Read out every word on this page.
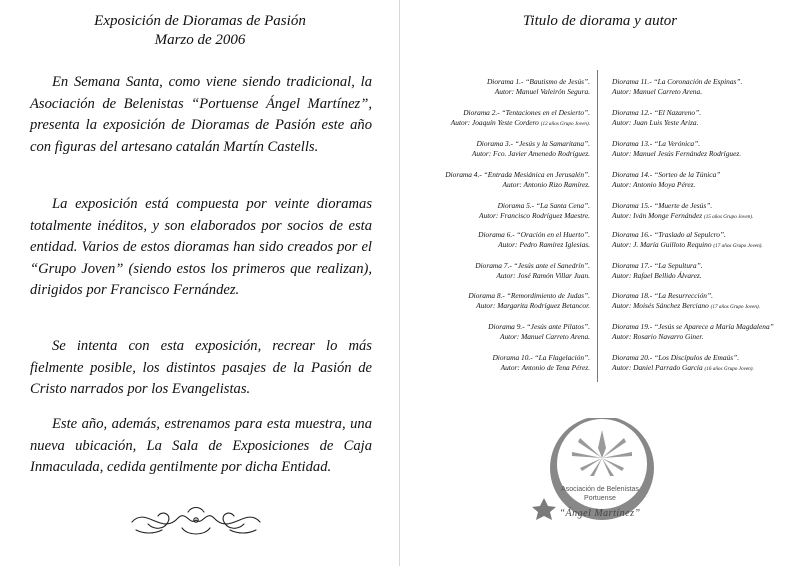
Exposición de Dioramas de Pasión
Marzo de 2006

En Semana Santa, como viene siendo tradicional, la Asociación de Belenistas “Portuense Ángel Martínez”, presenta la exposición de Dioramas de Pasión este año con figuras del artesano catalán Martín Castells.

La exposición está compuesta por veinte dioramas totalmente inéditos, y son elaborados por socios de esta entidad. Varios de estos dioramas han sido creados por el “Grupo Joven” (siendo estos los primeros que realizan), dirigidos por Francisco Fernández.

Se intenta con esta exposición, recrear lo más fielmente posible, los distintos pasajes de la Pasión de Cristo narrados por los Evangelistas.

Este año, además, estrenamos para esta muestra, una nueva ubicación, La Sala de Exposiciones de Caja Inmaculada, cedida gentilmente por dicha Entidad.

Titulo de diorama y autor
Diorama 1.- “Bautismo de Jesús”.
Autor: Manuel Valeirón Segura.
Diorama 2.- “Tentaciones en el Desierto”.
Autor: Joaquín Yeste Cordero (12 años Grupo Joven).
Diorama 3.- “Jesús y la Samaritana”.
Autor: Fco. Javier Amenedo Rodríguez.
Diorama 4.- “Entrada Mesiánica en Jerusalén”.
Autor: Antonio Rizo Ramírez.
Diorama 5.- “La Santa Cena”.
Autor: Francisco Rodríguez Maestre.
Diorama 6.- “Oración en el Huerto”.
Autor: Pedro Ramírez Iglesias.
Diorama 7.- “Jesús ante el Sanedrín”.
Autor: José Ramón Villar Juan.
Diorama 8.- “Remordimiento de Judas”.
Autor: Margarita Rodríguez Betancor.
Diorama 9.- “Jesús ante Pilatos”.
Autor: Manuel Carreto Arena.
Diorama 10.- “La Flagelación”.
Autor: Antonio de Tena Pérez.
Diorama 11.- “La Coronación de Espinas”.
Autor: Manuel Carreto Arena.
Diorama 12.- “El Nazareno”.
Autor: Juan Luis Yeste Ariza.
Diorama 13.- “La Verónica”.
Autor: Manuel Jesús Fernández Rodríguez.
Diorama 14.- “Sorteo de la Túnica”
Autor: Antonio Moya Pérez.
Diorama 15.- “Muerte de Jesús”.
Autor: Iván Monge Fernández (15 años Grupo Joven).
Diorama 16.- “Traslado al Sepulcro”.
Autor: J. María Guilloto Requino (17 años Grupo Joven).
Diorama 17.- “La Sepultura”.
Autor: Rafael Bellido Álvarez.
Diorama 18.- “La Resurrección”.
Autor: Moisés Sánchez Berciano (17 años Grupo Joven).
Diorama 19.- “Jesús se Aparece a María Magdalena”
Autor: Rosario Navarro Giner.
Diorama 20.- “Los Discípulos de Emaús”.
Autor: Daniel Parrado García (16 años Grupo Joven).
Asociación de Belenistas
Portuense
“Ángel Martínez”
